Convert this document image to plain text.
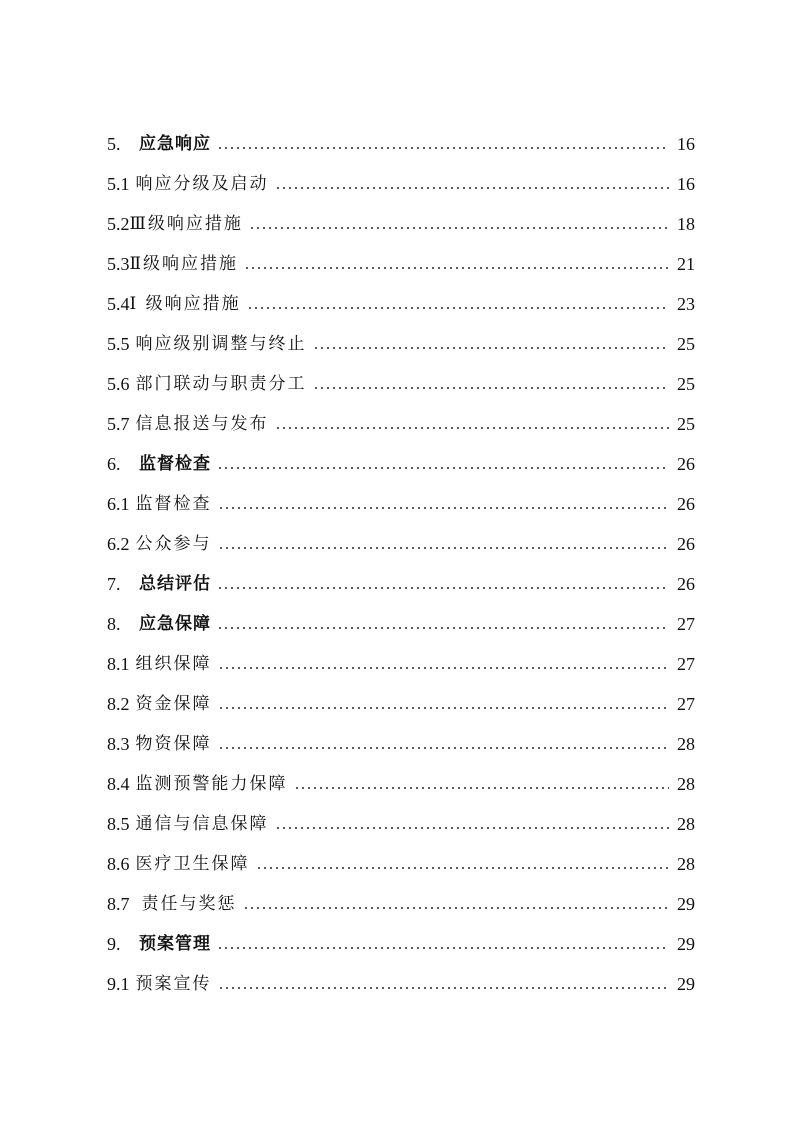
5.	应急响应	16
5.1 响应分级及启动	16
5.2 Ⅲ级响应措施	18
5.3 Ⅱ级响应措施	21
5.4 I 级响应措施	23
5.5 响应级别调整与终止	25
5.6 部门联动与职责分工	25
5.7 信息报送与发布	25
6.	监督检查	26
6.1 监督检查	26
6.2 公众参与	26
7.	总结评估	26
8.	应急保障	27
8.1 组织保障	27
8.2 资金保障	27
8.3 物资保障	28
8.4 监测预警能力保障	28
8.5 通信与信息保障	28
8.6 医疗卫生保障	28
8.7 责任与奖惩	29
9.	预案管理	29
9.1 预案宣传	29
